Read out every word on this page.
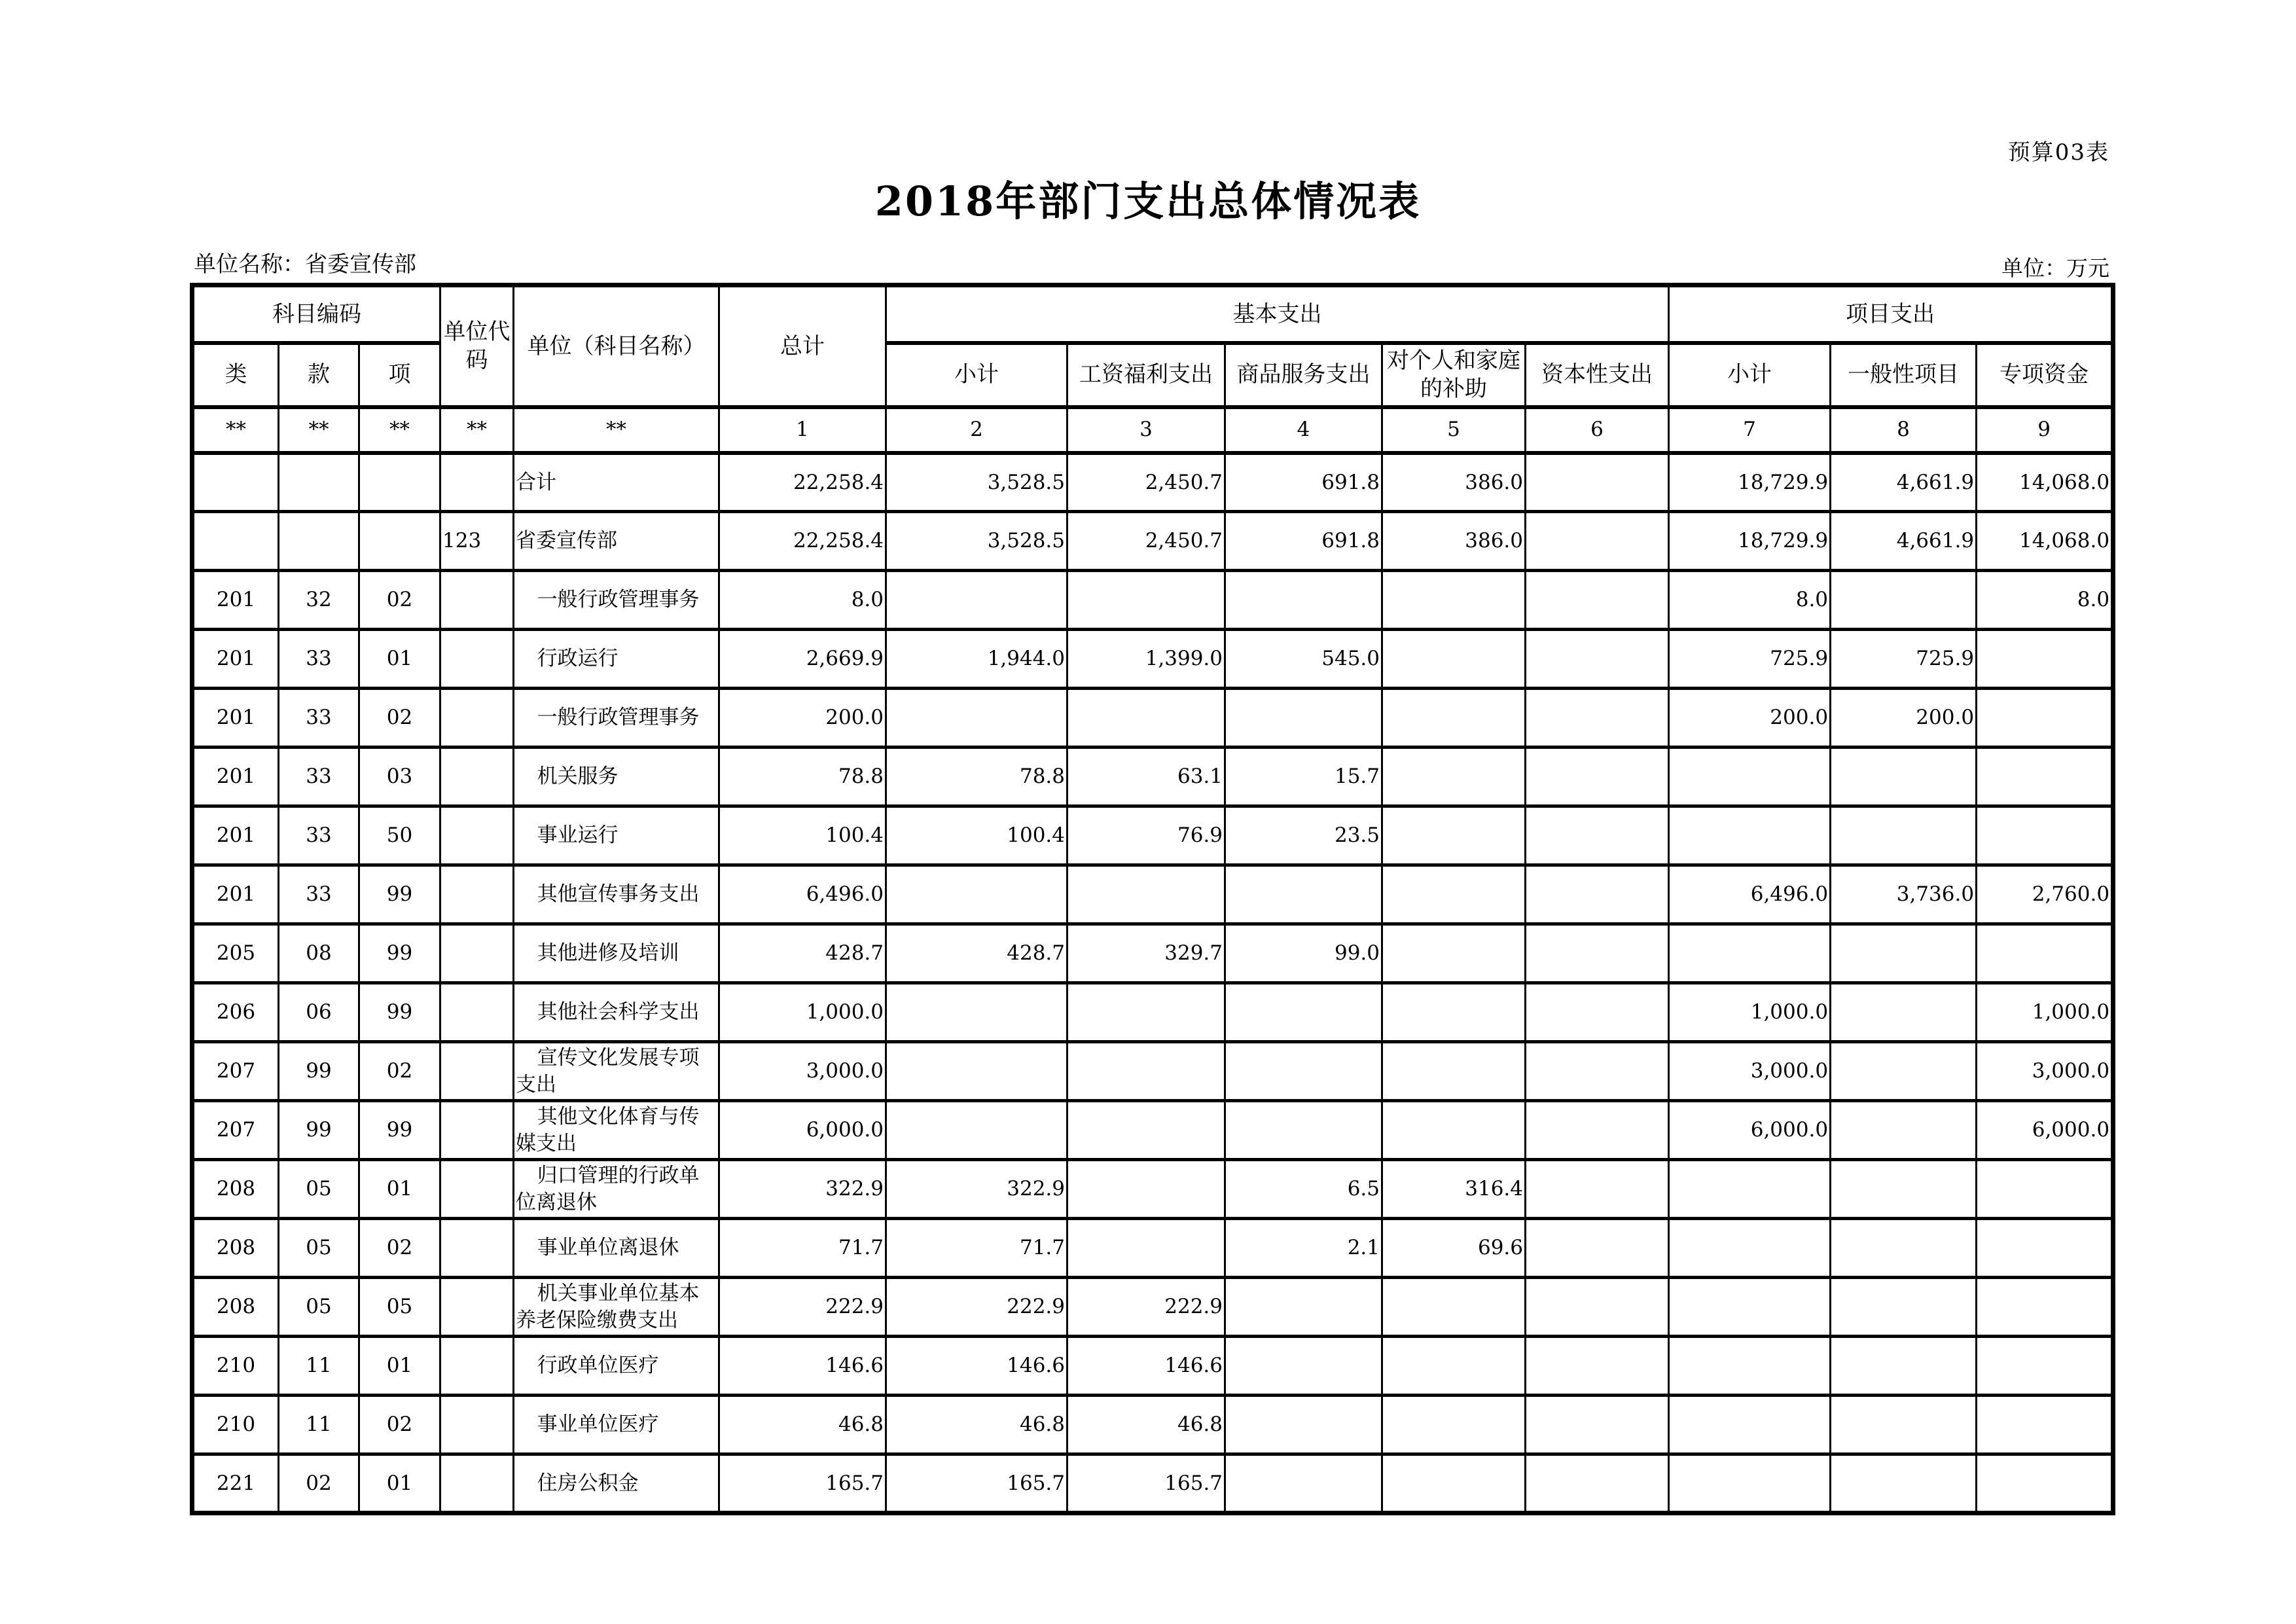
预算03表
2018年部门支出总体情况表
单位名称：省委宣传部	单位：万元
科目编码			单位代码	单位（科目名称）	总计	基本支出					项目支出		
类	款	项				小计	工资福利支出	商品服务支出	对个人和家庭的补助	资本性支出	小计	一般性项目	专项资金
**	**	**	**	**	1	2	3	4	5	6	7	8	9
				合计	22,258.4	3,528.5	2,450.7	691.8	386.0		18,729.9	4,661.9	14,068.0
			123	省委宣传部	22,258.4	3,528.5	2,450.7	691.8	386.0		18,729.9	4,661.9	14,068.0
201	32	02		一般行政管理事务	8.0						8.0		8.0
201	33	01		行政运行	2,669.9	1,944.0	1,399.0	545.0			725.9	725.9	
201	33	02		一般行政管理事务	200.0						200.0	200.0	
201	33	03		机关服务	78.8	78.8	63.1	15.7					
201	33	50		事业运行	100.4	100.4	76.9	23.5					
201	33	99		其他宣传事务支出	6,496.0						6,496.0	3,736.0	2,760.0
205	08	99		其他进修及培训	428.7	428.7	329.7	99.0					
206	06	99		其他社会科学支出	1,000.0						1,000.0		1,000.0
207	99	02		宣传文化发展专项支出	3,000.0						3,000.0		3,000.0
207	99	99		其他文化体育与传媒支出	6,000.0						6,000.0		6,000.0
208	05	01		归口管理的行政单位离退休	322.9	322.9		6.5	316.4				
208	05	02		事业单位离退休	71.7	71.7		2.1	69.6				
208	05	05		机关事业单位基本养老保险缴费支出	222.9	222.9	222.9						
210	11	01		行政单位医疗	146.6	146.6	146.6						
210	11	02		事业单位医疗	46.8	46.8	46.8						
221	02	01		住房公积金	165.7	165.7	165.7						
